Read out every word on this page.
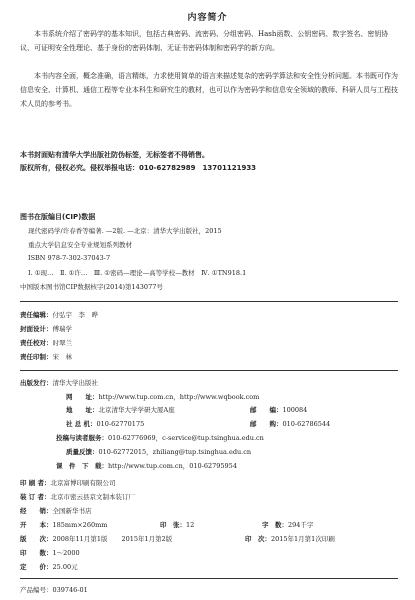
内容简介
本书系统介绍了密码学的基本知识，包括古典密码、流密码、分组密码、Hash函数、公钥密码、数字签名、密钥协议、可证明安全性理论、基于身份的密码体制、无证书密码体制和密码学的新方向。
本书内容全面，概念准确，语言精练，力求使用简单的语言来描述复杂的密码学算法和安全性分析问题。本书既可作为信息安全、计算机、通信工程等专业本科生和研究生的教材，也可以作为密码学和信息安全领域的教师、科研人员与工程技术人员的参考书。
本书封面贴有清华大学出版社防伪标签，无标签者不得销售。
版权所有，侵权必究。侵权举报电话：010-62782989　13701121933
图书在版编目(CIP)数据
现代密码学/许春香等编著. —2版. —北京：清华大学出版社，2015
重点大学信息安全专业规划系列教材
ISBN 978-7-302-37043-7
Ⅰ. ①现…　Ⅱ. ①许…　Ⅲ. ①密码—理论—高等学校—教材　Ⅳ. ①TN918.1
中国版本图书馆CIP数据核字(2014)第143077号
责任编辑：付弘宇　李　晔
封面设计：傅瑞学
责任校对：时翠兰
责任印制：宋　林
出版发行：清华大学出版社
网　　址：http://www.tup.com.cn，http://www.wqbook.com
地　　址：北京清华大学学研大厦A座	邮　　编：100084
社 总 机：010-62770175	邮　　购：010-62786544
投稿与读者服务：010-62776969，c-service@tup.tsinghua.edu.cn
质量反馈：010-62772015，zhiliang@tup.tsinghua.edu.cn
课　件　下　载：http://www.tup.com.cn，010-62795954
印 刷 者：北京富博印刷有限公司
装 订 者：北京市密云县京文制本装订厂
经　　销：全国新华书店
开　　本：185mm×260mm	印　张：12	字　数：294千字
版　　次：2008年11月第1版 2015年1月第2版	印　次：2015年1月第1次印刷
印　　数：1～2000
定　　价：25.00元
产品编号：039746-01
